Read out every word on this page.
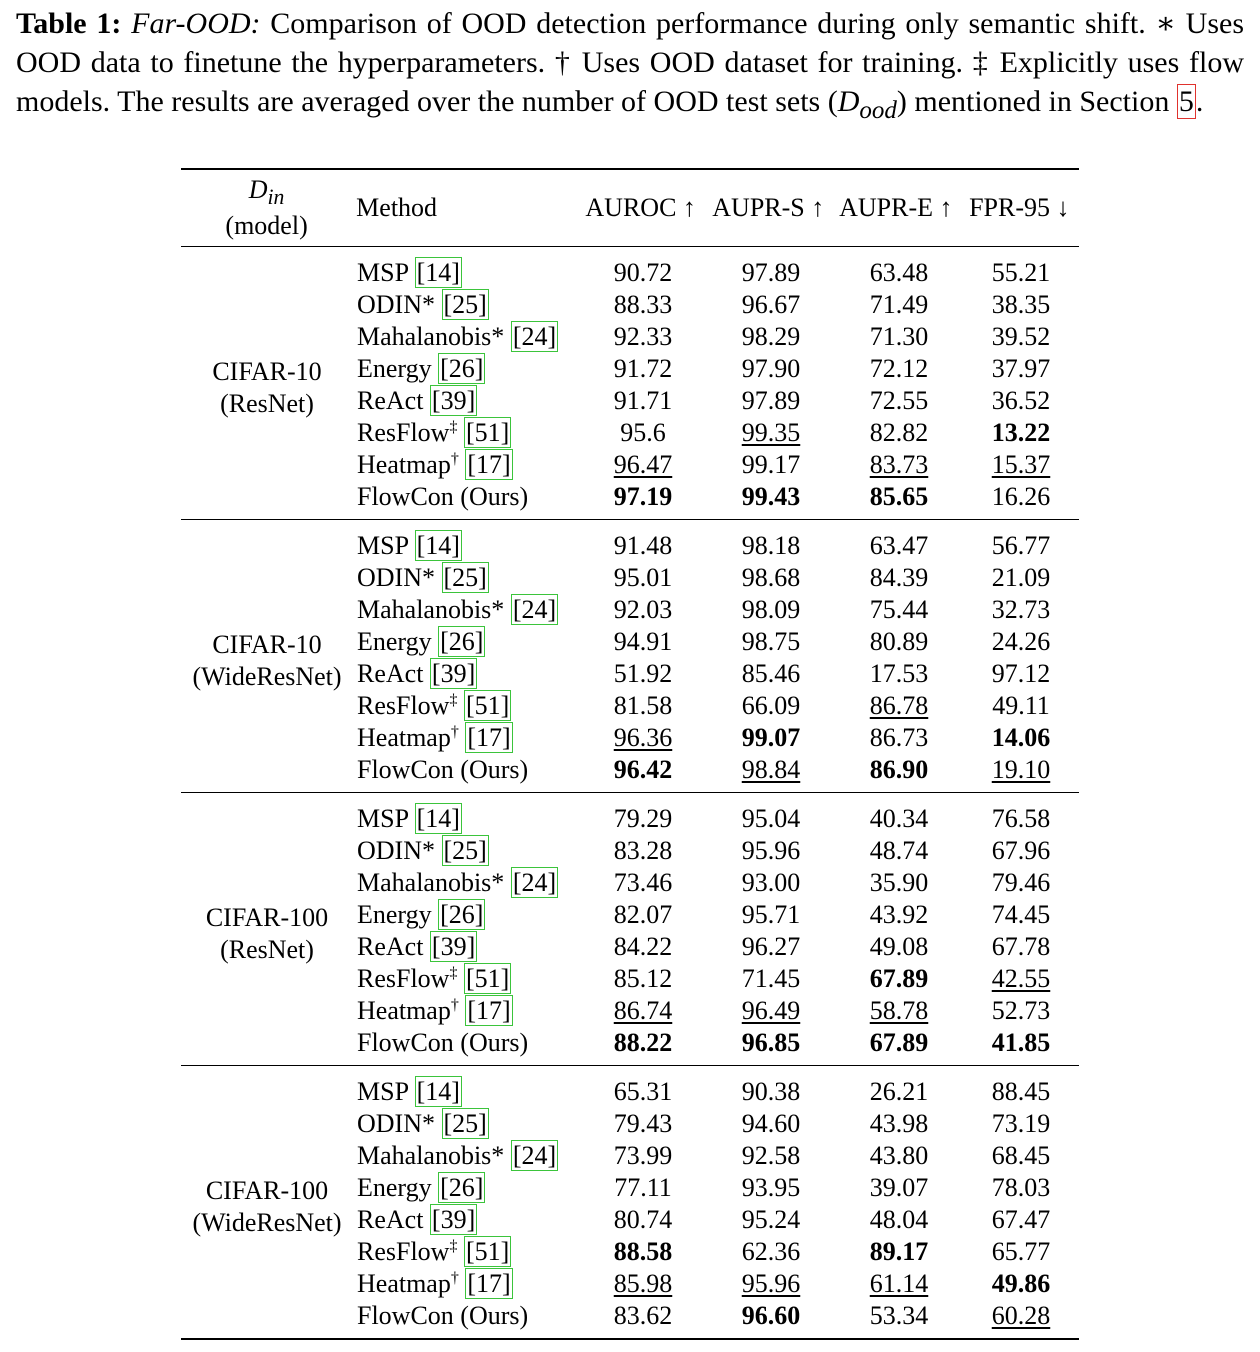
Table 1: Far-OOD: Comparison of OOD detection performance during only semantic shift. ∗ Uses OOD data to finetune the hyperparameters. † Uses OOD dataset for training. ‡ Explicitly uses flow models. The results are averaged over the number of OOD test sets $(D_{ood})$ mentioned in Section 5.
$D_{in}$
(model)	Method	AUROC ↑	AUPR-S ↑	AUPR-E ↑	FPR-95 ↓
CIFAR-10
(ResNet)	MSP [14]	90.72	97.89	63.48	55.21
	ODIN* [25]	88.33	96.67	71.49	38.35
	Mahalanobis* [24]	92.33	98.29	71.30	39.52
	Energy [26]	91.72	97.90	72.12	37.97
	ReAct [39]	91.71	97.89	72.55	36.52
	ResFlow‡ [51]	95.6	99.35	82.82	13.22
	Heatmap† [17]	96.47	99.17	83.73	15.37
	FlowCon (Ours)	97.19	99.43	85.65	16.26
CIFAR-10
(WideResNet)	MSP [14]	91.48	98.18	63.47	56.77
	ODIN* [25]	95.01	98.68	84.39	21.09
	Mahalanobis* [24]	92.03	98.09	75.44	32.73
	Energy [26]	94.91	98.75	80.89	24.26
	ReAct [39]	51.92	85.46	17.53	97.12
	ResFlow‡ [51]	81.58	66.09	86.78	49.11
	Heatmap† [17]	96.36	99.07	86.73	14.06
	FlowCon (Ours)	96.42	98.84	86.90	19.10
CIFAR-100
(ResNet)	MSP [14]	79.29	95.04	40.34	76.58
	ODIN* [25]	83.28	95.96	48.74	67.96
	Mahalanobis* [24]	73.46	93.00	35.90	79.46
	Energy [26]	82.07	95.71	43.92	74.45
	ReAct [39]	84.22	96.27	49.08	67.78
	ResFlow‡ [51]	85.12	71.45	67.89	42.55
	Heatmap† [17]	86.74	96.49	58.78	52.73
	FlowCon (Ours)	88.22	96.85	67.89	41.85
CIFAR-100
(WideResNet)	MSP [14]	65.31	90.38	26.21	88.45
	ODIN* [25]	79.43	94.60	43.98	73.19
	Mahalanobis* [24]	73.99	92.58	43.80	68.45
	Energy [26]	77.11	93.95	39.07	78.03
	ReAct [39]	80.74	95.24	48.04	67.47
	ResFlow‡ [51]	88.58	62.36	89.17	65.77
	Heatmap† [17]	85.98	95.96	61.14	49.86
	FlowCon (Ours)	83.62	96.60	53.34	60.28
